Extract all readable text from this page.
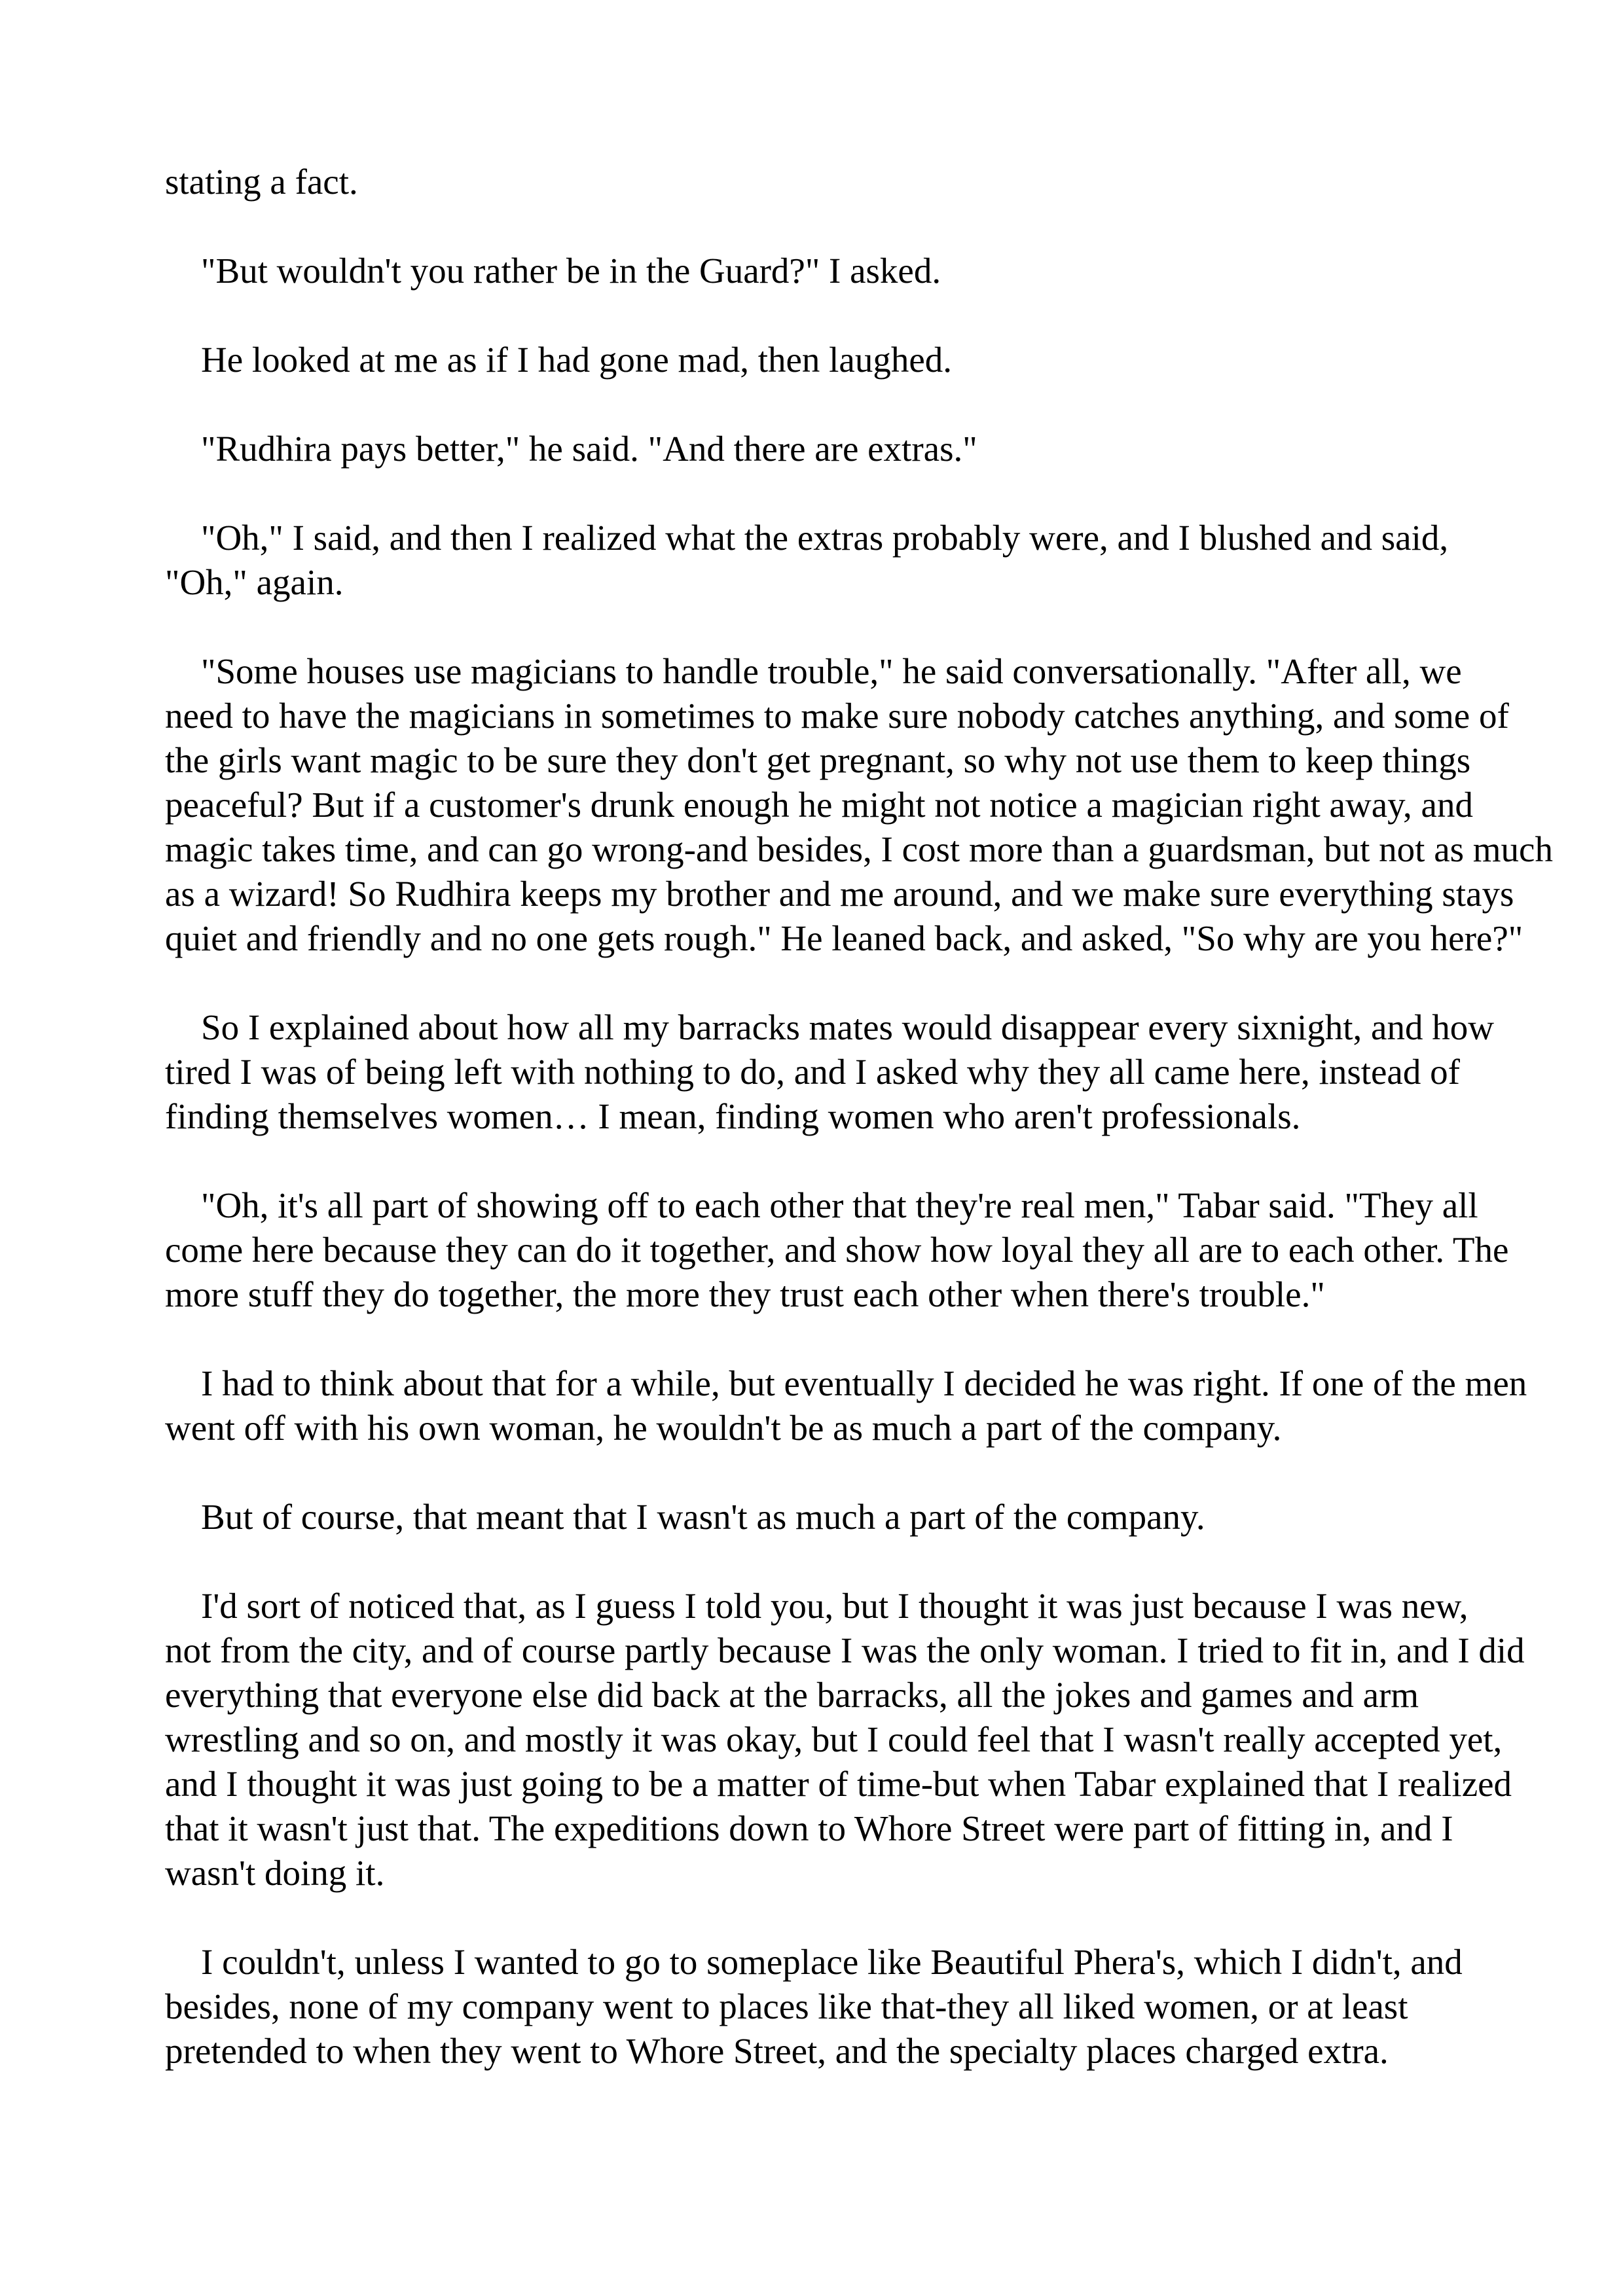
stating a fact.
"But wouldn't you rather be in the Guard?" I asked.
He looked at me as if I had gone mad, then laughed.
"Rudhira pays better," he said. "And there are extras."
"Oh," I said, and then I realized what the extras probably were, and I blushed and said,
"Oh," again.
"Some houses use magicians to handle trouble," he said conversationally. "After all, we
need to have the magicians in sometimes to make sure nobody catches anything, and some of
the girls want magic to be sure they don't get pregnant, so why not use them to keep things
peaceful? But if a customer's drunk enough he might not notice a magician right away, and
magic takes time, and can go wrong-and besides, I cost more than a guardsman, but not as much
as a wizard! So Rudhira keeps my brother and me around, and we make sure everything stays
quiet and friendly and no one gets rough." He leaned back, and asked, "So why are you here?"
So I explained about how all my barracks mates would disappear every sixnight, and how
tired I was of being left with nothing to do, and I asked why they all came here, instead of
finding themselves women… I mean, finding women who aren't professionals.
"Oh, it's all part of showing off to each other that they're real men," Tabar said. "They all
come here because they can do it together, and show how loyal they all are to each other. The
more stuff they do together, the more they trust each other when there's trouble."
I had to think about that for a while, but eventually I decided he was right. If one of the men
went off with his own woman, he wouldn't be as much a part of the company.
But of course, that meant that I wasn't as much a part of the company.
I'd sort of noticed that, as I guess I told you, but I thought it was just because I was new,
not from the city, and of course partly because I was the only woman. I tried to fit in, and I did
everything that everyone else did back at the barracks, all the jokes and games and arm
wrestling and so on, and mostly it was okay, but I could feel that I wasn't really accepted yet,
and I thought it was just going to be a matter of time-but when Tabar explained that I realized
that it wasn't just that. The expeditions down to Whore Street were part of fitting in, and I
wasn't doing it.
I couldn't, unless I wanted to go to someplace like Beautiful Phera's, which I didn't, and
besides, none of my company went to places like that-they all liked women, or at least
pretended to when they went to Whore Street, and the specialty places charged extra.
